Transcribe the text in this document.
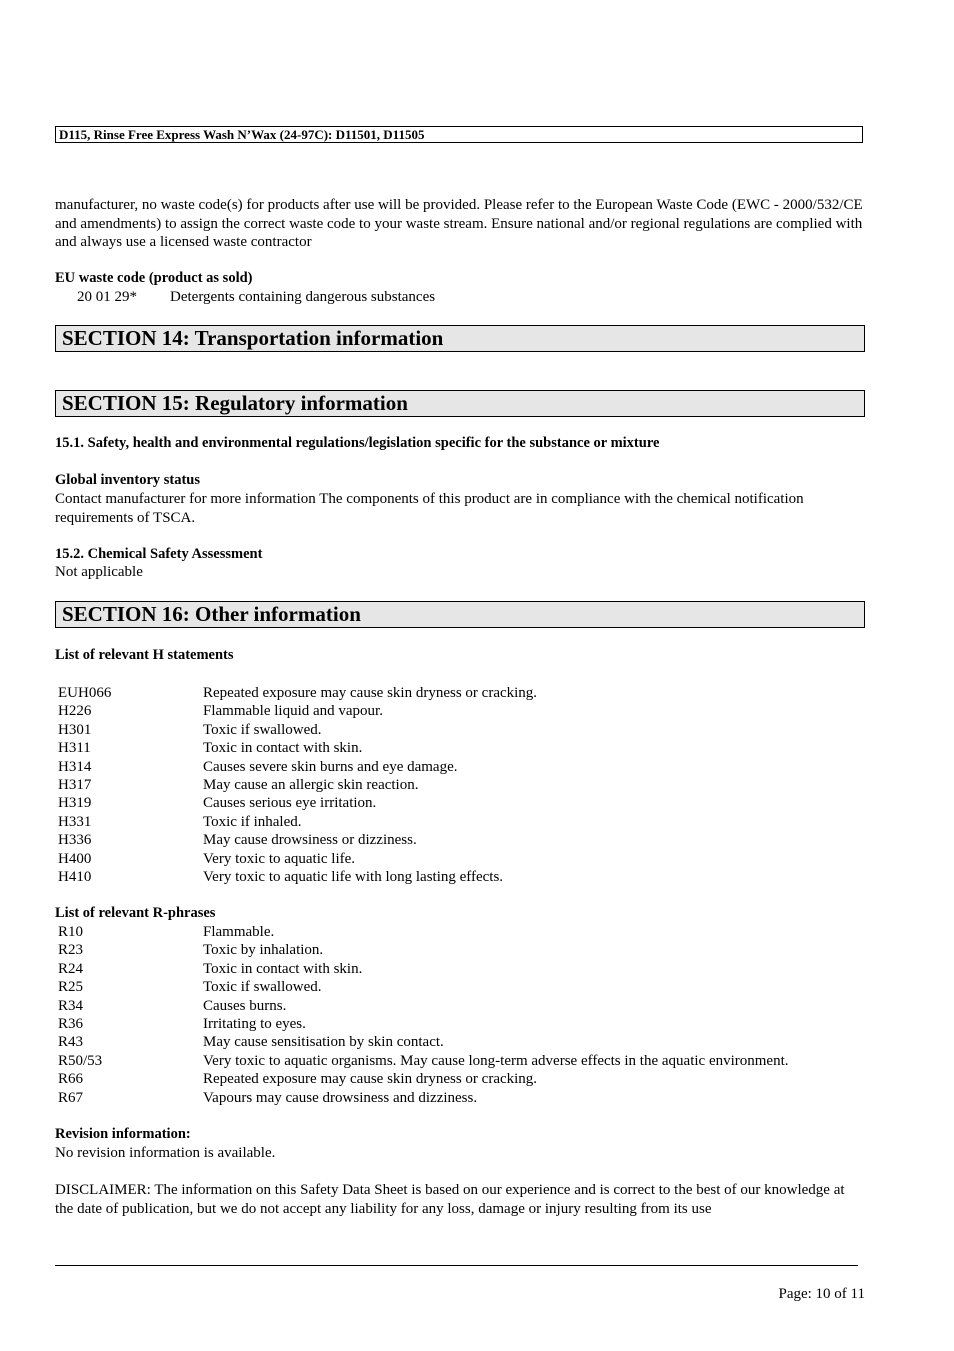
D115, Rinse Free Express Wash N’Wax (24-97C): D11501, D11505
manufacturer, no waste code(s) for products after use will be provided. Please refer to the European Waste Code (EWC - 2000/532/CE and amendments) to assign the correct waste code to your waste stream. Ensure national and/or regional regulations are complied with and always use a licensed waste contractor
EU waste code (product as sold)
20 01 29* Detergents containing dangerous substances
SECTION 14: Transportation information
SECTION 15: Regulatory information
15.1. Safety, health and environmental regulations/legislation specific for the substance or mixture
Global inventory status
Contact manufacturer for more information The components of this product are in compliance with the chemical notification requirements of TSCA.
15.2. Chemical Safety Assessment
Not applicable
SECTION 16: Other information
List of relevant H statements
EUH066	Repeated exposure may cause skin dryness or cracking.
H226	Flammable liquid and vapour.
H301	Toxic if swallowed.
H311	Toxic in contact with skin.
H314	Causes severe skin burns and eye damage.
H317	May cause an allergic skin reaction.
H319	Causes serious eye irritation.
H331	Toxic if inhaled.
H336	May cause drowsiness or dizziness.
H400	Very toxic to aquatic life.
H410	Very toxic to aquatic life with long lasting effects.
List of relevant R-phrases
R10	Flammable.
R23	Toxic by inhalation.
R24	Toxic in contact with skin.
R25	Toxic if swallowed.
R34	Causes burns.
R36	Irritating to eyes.
R43	May cause sensitisation by skin contact.
R50/53	Very toxic to aquatic organisms. May cause long-term adverse effects in the aquatic environment.
R66	Repeated exposure may cause skin dryness or cracking.
R67	Vapours may cause drowsiness and dizziness.
Revision information:
No revision information is available.
DISCLAIMER: The information on this Safety Data Sheet is based on our experience and is correct to the best of our knowledge at the date of publication, but we do not accept any liability for any loss, damage or injury resulting from its use
Page: 10 of 11
